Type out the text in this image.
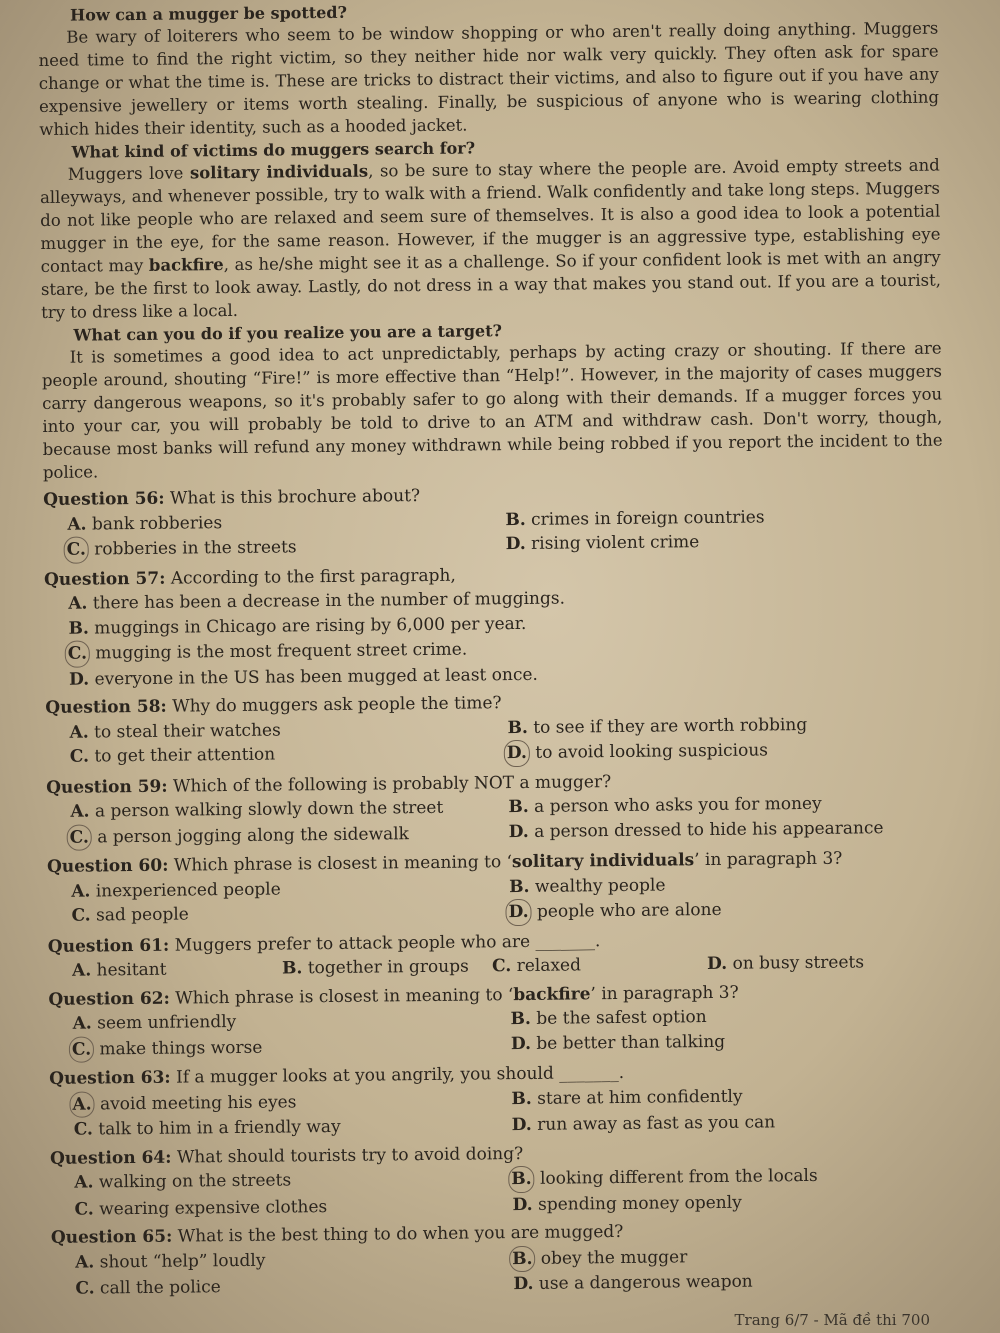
How can a mugger be spotted?

Be wary of loiterers who seem to be window shopping or who aren't really doing anything. Muggers need time to find the right victim, so they neither hide nor walk very quickly. They often ask for spare change or what the time is. These are tricks to distract their victims, and also to figure out if you have any expensive jewellery or items worth stealing. Finally, be suspicious of anyone who is wearing clothing which hides their identity, such as a hooded jacket.

What kind of victims do muggers search for?

Muggers love solitary individuals, so be sure to stay where the people are. Avoid empty streets and alleyways, and whenever possible, try to walk with a friend. Walk confidently and take long steps. Muggers do not like people who are relaxed and seem sure of themselves. It is also a good idea to look a potential mugger in the eye, for the same reason. However, if the mugger is an aggressive type, establishing eye contact may backfire, as he/she might see it as a challenge. So if your confident look is met with an angry stare, be the first to look away. Lastly, do not dress in a way that makes you stand out. If you are a tourist, try to dress like a local.

What can you do if you realize you are a target?

It is sometimes a good idea to act unpredictably, perhaps by acting crazy or shouting. If there are people around, shouting “Fire!” is more effective than “Help!”. However, in the majority of cases muggers carry dangerous weapons, so it's probably safer to go along with their demands. If a mugger forces you into your car, you will probably be told to drive to an ATM and withdraw cash. Don't worry, though, because most banks will refund any money withdrawn while being robbed if you report the incident to the police.

Question 56: What is this brochure about?
A. bank robberies	B. crimes in foreign countries
C. robberies in the streets	D. rising violent crime
Question 57: According to the first paragraph,
A. there has been a decrease in the number of muggings.
B. muggings in Chicago are rising by 6,000 per year.
C. mugging is the most frequent street crime.
D. everyone in the US has been mugged at least once.
Question 58: Why do muggers ask people the time?
A. to steal their watches	B. to see if they are worth robbing
C. to get their attention	D. to avoid looking suspicious
Question 59: Which of the following is probably NOT a mugger?
A. a person walking slowly down the street	B. a person who asks you for money
C. a person jogging along the sidewalk	D. a person dressed to hide his appearance
Question 60: Which phrase is closest in meaning to ‘solitary individuals’ in paragraph 3?
A. inexperienced people	B. wealthy people
C. sad people	D. people who are alone
Question 61: Muggers prefer to attack people who are _______.
A. hesitant	B. together in groups	C. relaxed	D. on busy streets
Question 62: Which phrase is closest in meaning to ‘backfire’ in paragraph 3?
A. seem unfriendly	B. be the safest option
C. make things worse	D. be better than talking
Question 63: If a mugger looks at you angrily, you should _______.
A. avoid meeting his eyes	B. stare at him confidently
C. talk to him in a friendly way	D. run away as fast as you can
Question 64: What should tourists try to avoid doing?
A. walking on the streets	B. looking different from the locals
C. wearing expensive clothes	D. spending money openly
Question 65: What is the best thing to do when you are mugged?
A. shout “help” loudly	B. obey the mugger
C. call the police	D. use a dangerous weapon
Trang 6/7 - Mã đề thi 700
